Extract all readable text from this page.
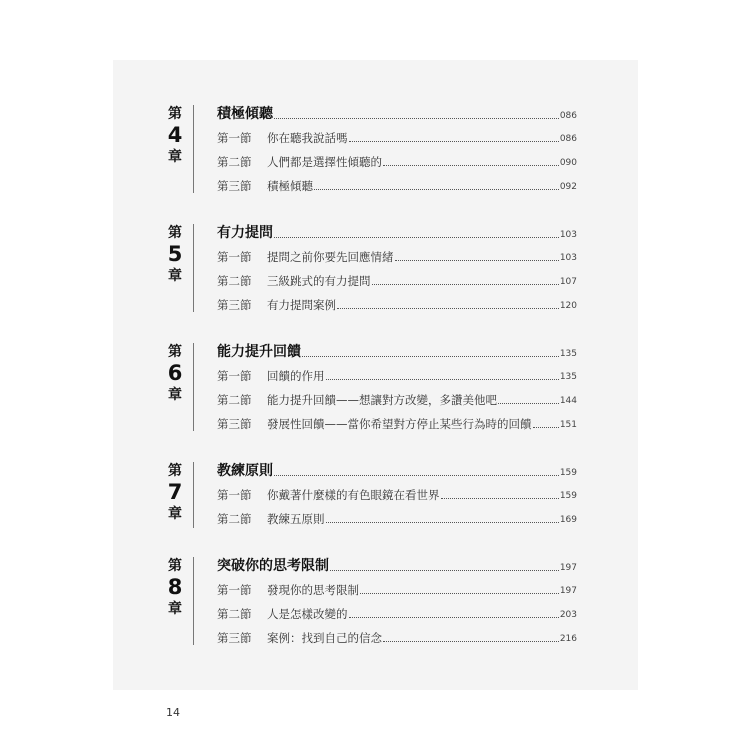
第
4
章
積極傾聽	086
第一節	你在聽我說話嗎	086
第二節	人們都是選擇性傾聽的	090
第三節	積極傾聽	092
第
5
章
有力提問	103
第一節	提問之前你要先回應情緒	103
第二節	三級跳式的有力提問	107
第三節	有力提問案例	120
第
6
章
能力提升回饋	135
第一節	回饋的作用	135
第二節	能力提升回饋——想讓對方改變，多讚美他吧	144
第三節	發展性回饋——當你希望對方停止某些行為時的回饋	151
第
7
章
教練原則	159
第一節	你戴著什麼樣的有色眼鏡在看世界	159
第二節	教練五原則	169
第
8
章
突破你的思考限制	197
第一節	發現你的思考限制	197
第二節	人是怎樣改變的	203
第三節	案例：找到自己的信念	216
14
